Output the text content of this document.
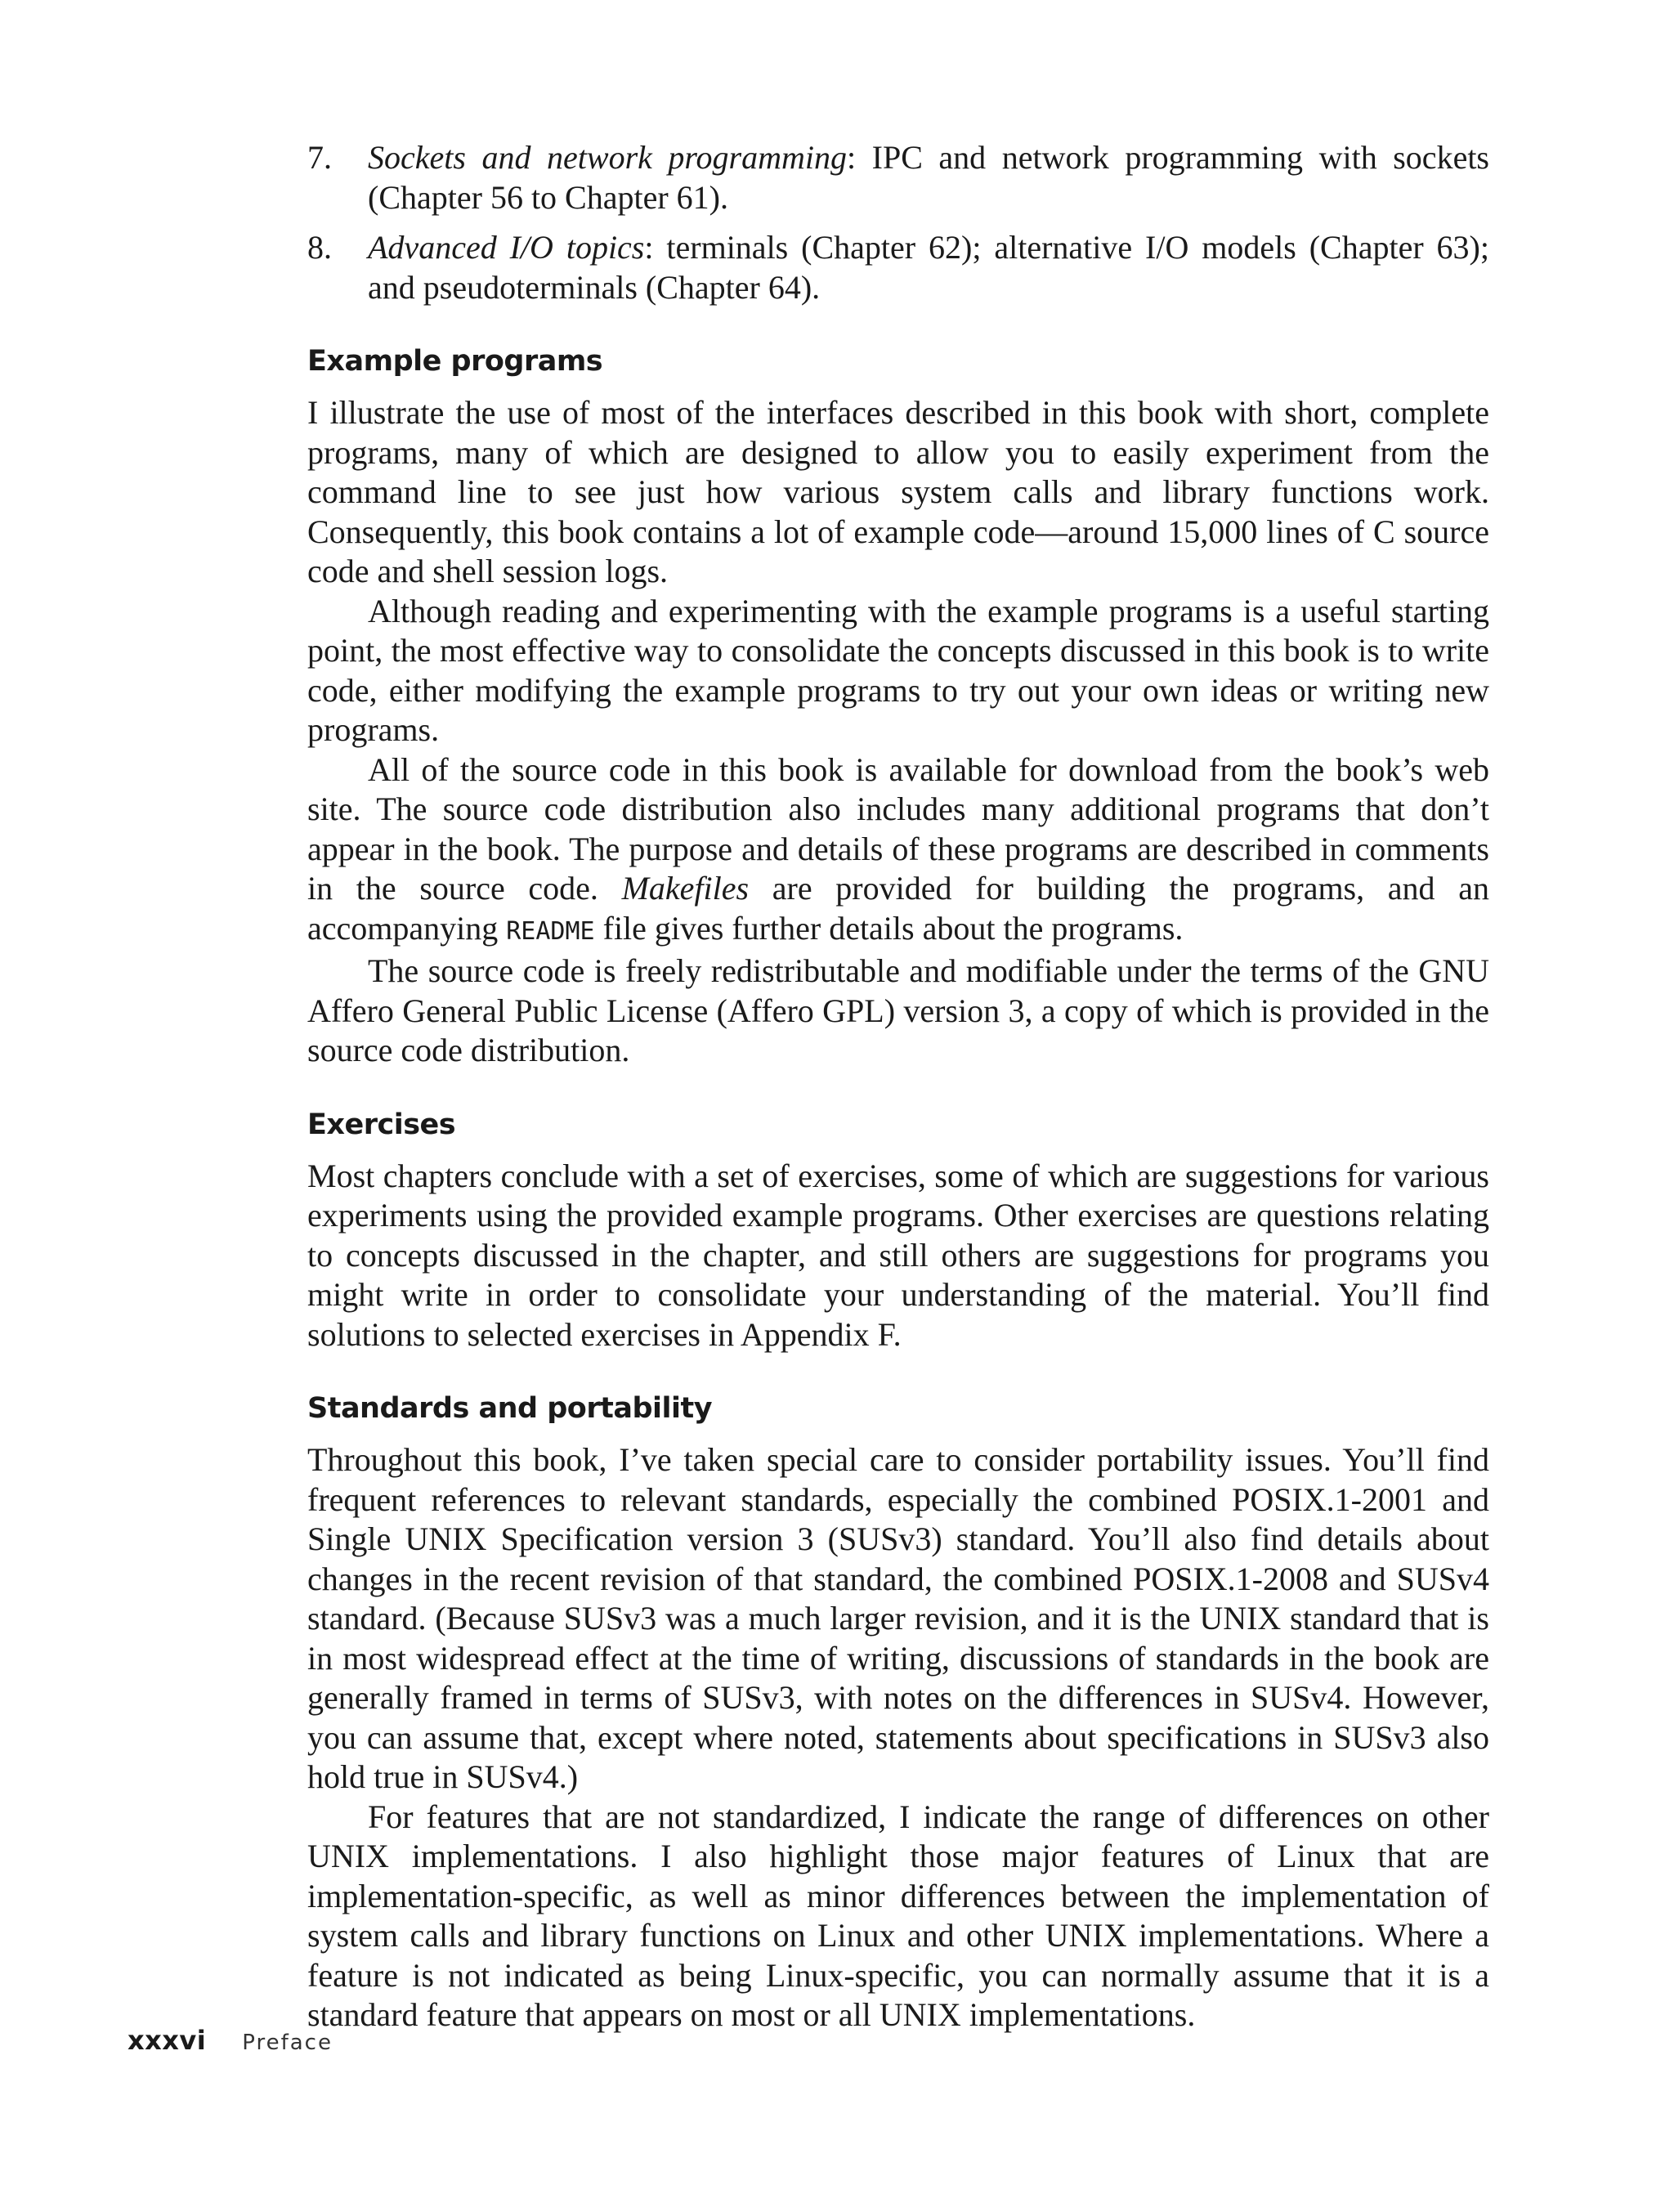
7. Sockets and network programming: IPC and network programming with sockets (Chapter 56 to Chapter 61).
8. Advanced I/O topics: terminals (Chapter 62); alternative I/O models (Chapter 63); and pseudoterminals (Chapter 64).
Example programs

I illustrate the use of most of the interfaces described in this book with short, complete programs, many of which are designed to allow you to easily experiment from the command line to see just how various system calls and library functions work. Consequently, this book contains a lot of example code—around 15,000 lines of C source code and shell session logs.

Although reading and experimenting with the example programs is a useful starting point, the most effective way to consolidate the concepts discussed in this book is to write code, either modifying the example programs to try out your own ideas or writing new programs.

All of the source code in this book is available for download from the book’s web site. The source code distribution also includes many additional programs that don’t appear in the book. The purpose and details of these programs are described in comments in the source code. Makefiles are provided for building the programs, and an accompanying README file gives further details about the programs.

The source code is freely redistributable and modifiable under the terms of the GNU Affero General Public License (Affero GPL) version 3, a copy of which is provided in the source code distribution.

Exercises

Most chapters conclude with a set of exercises, some of which are suggestions for various experiments using the provided example programs. Other exercises are questions relating to concepts discussed in the chapter, and still others are suggestions for programs you might write in order to consolidate your understanding of the material. You’ll find solutions to selected exercises in Appendix F.

Standards and portability

Throughout this book, I’ve taken special care to consider portability issues. You’ll find frequent references to relevant standards, especially the combined POSIX.1-2001 and Single UNIX Specification version 3 (SUSv3) standard. You’ll also find details about changes in the recent revision of that standard, the combined POSIX.1-2008 and SUSv4 standard. (Because SUSv3 was a much larger revision, and it is the UNIX standard that is in most widespread effect at the time of writing, discussions of standards in the book are generally framed in terms of SUSv3, with notes on the differences in SUSv4. However, you can assume that, except where noted, statements about specifications in SUSv3 also hold true in SUSv4.)

For features that are not standardized, I indicate the range of differences on other UNIX implementations. I also highlight those major features of Linux that are implementation-specific, as well as minor differences between the implementation of system calls and library functions on Linux and other UNIX implementations. Where a feature is not indicated as being Linux-specific, you can normally assume that it is a standard feature that appears on most or all UNIX implementations.

xxxvi Preface
